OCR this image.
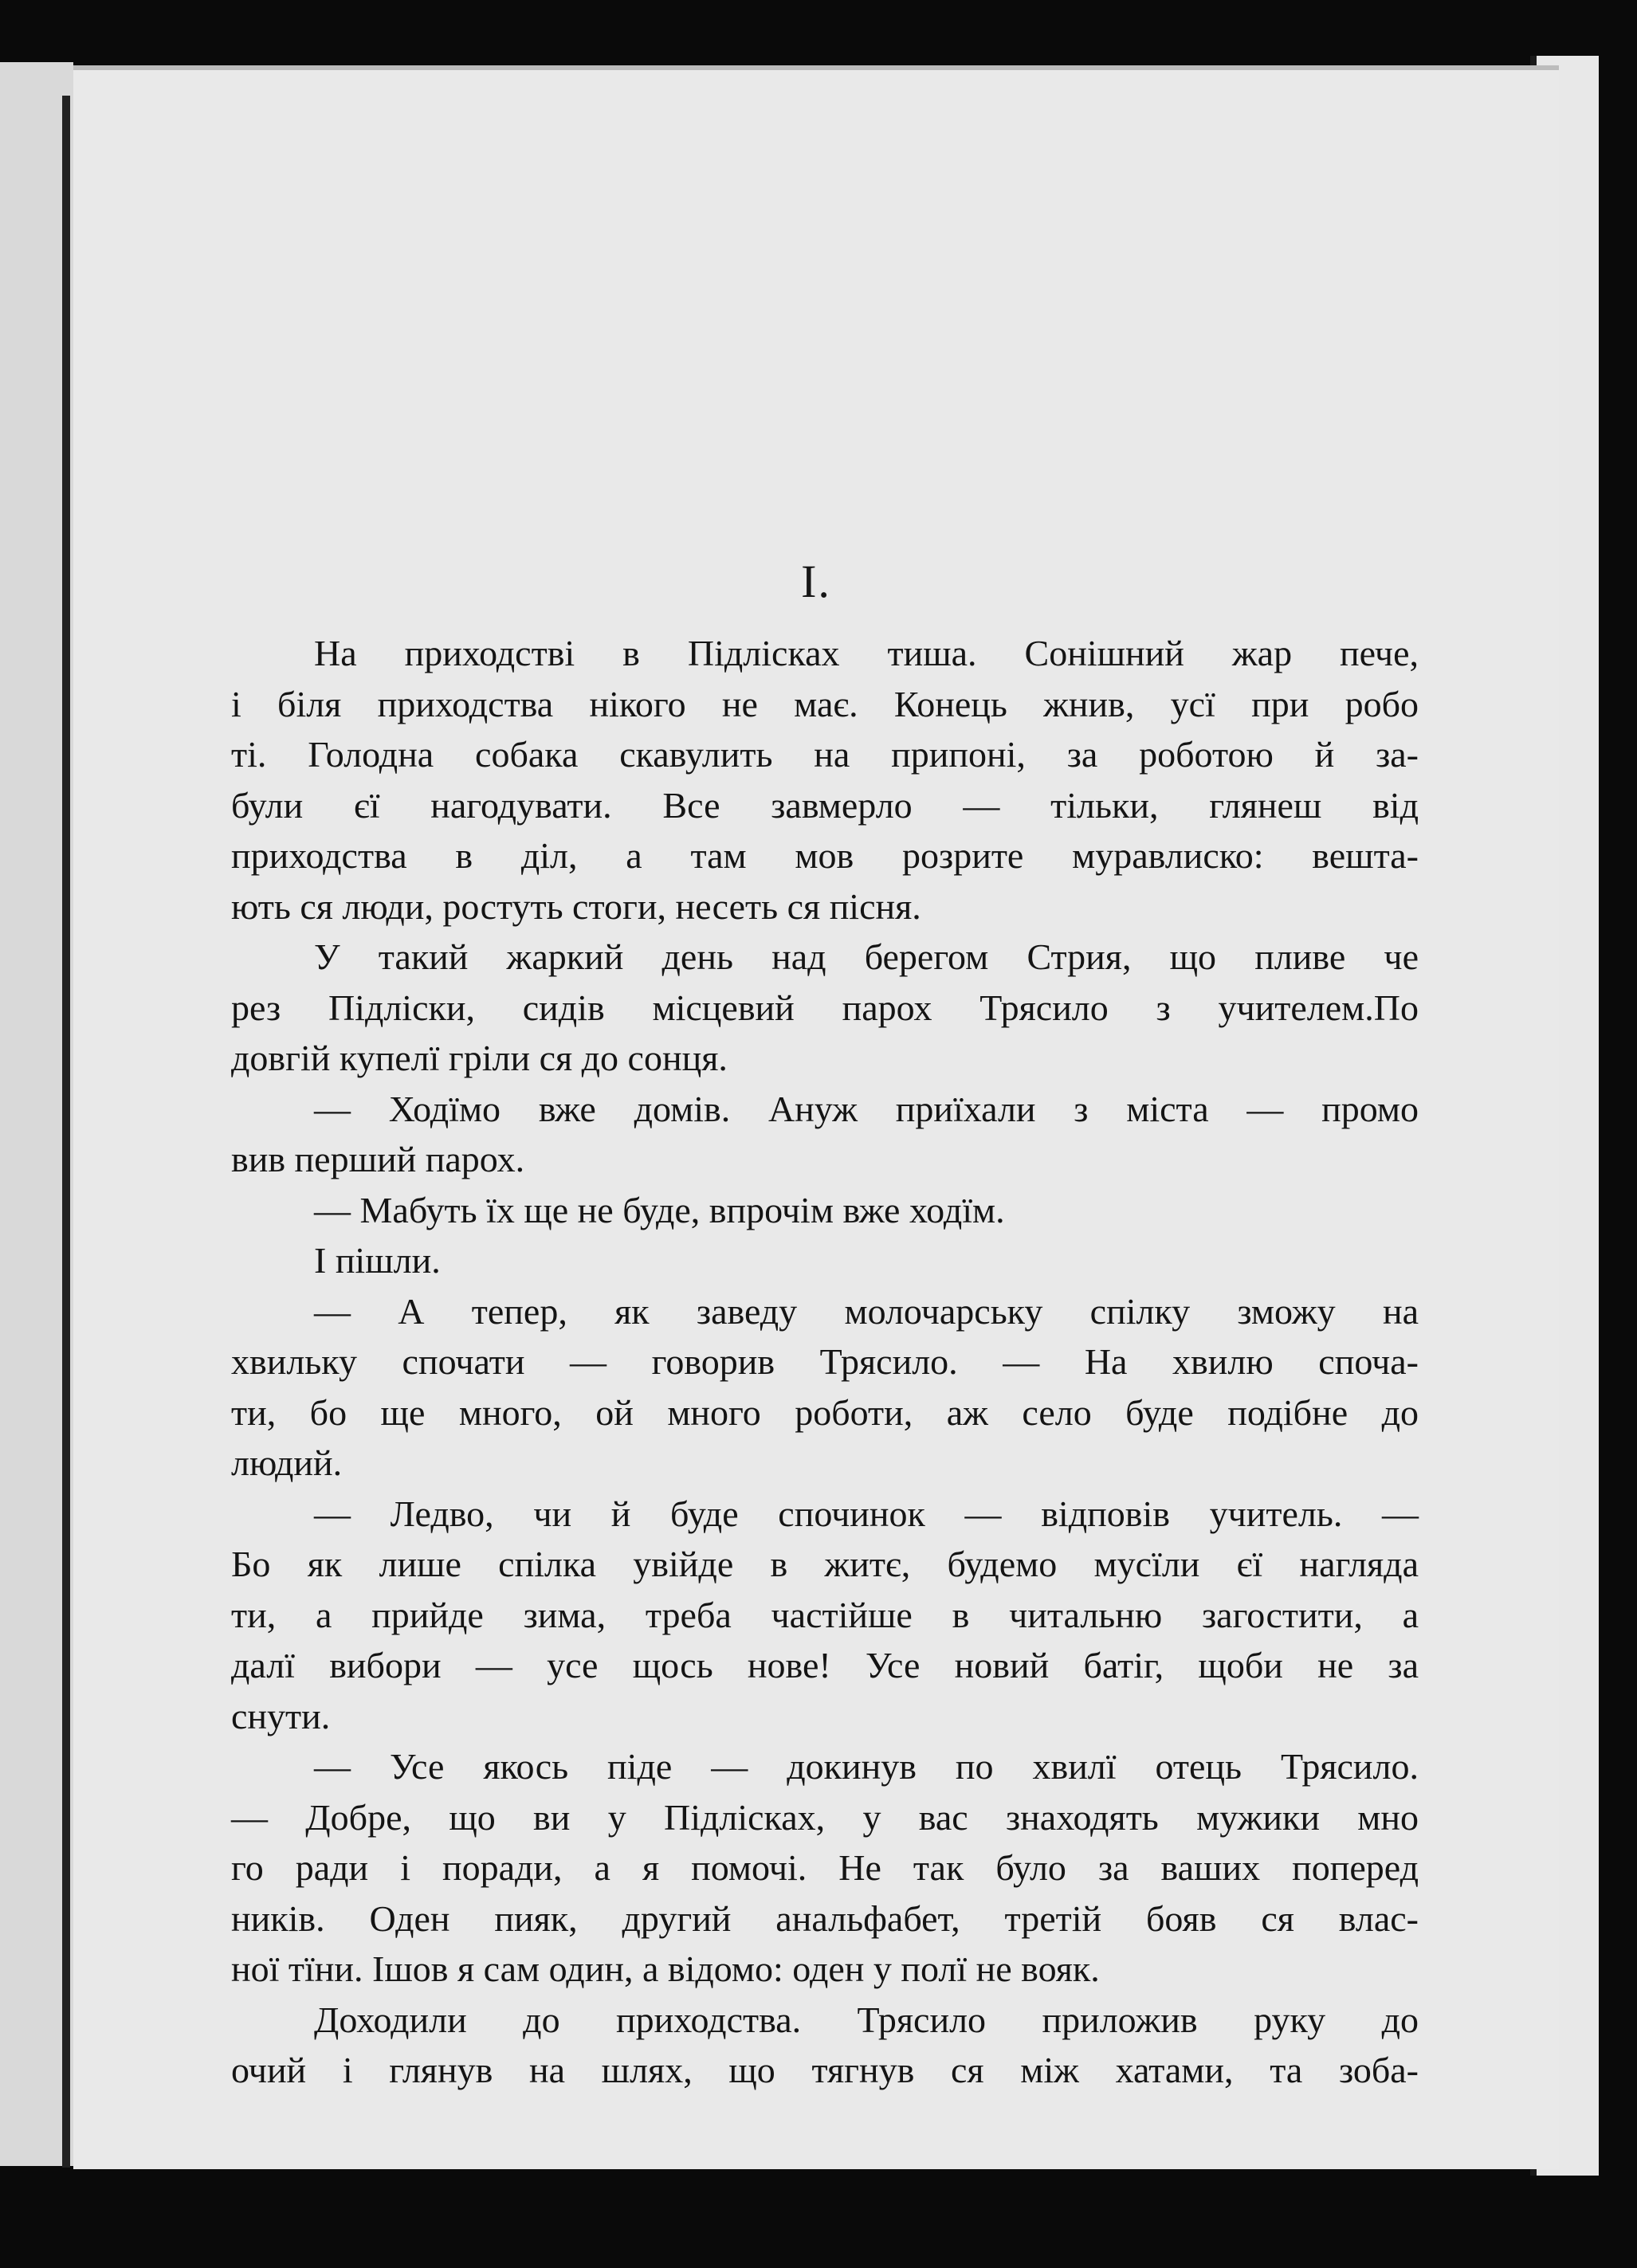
I.
На приходстві в Підлісках тиша. Сонішний жар пече,
і біля приходства нікого не має. Конець жнив, усї при робо
ті. Голодна собака скавулить на припоні, за роботою й за-
були єї нагодувати. Все завмерло — тільки, глянеш від
приходства в діл, а там мов розрите муравлиско: вешта-
ють ся люди, ростуть стоги, несеть ся пісня.
У такий жаркий день над берегом Стрия, що пливе че
рез Підліски, сидів місцевий парох Трясило з учителем.По
довгій купелї гріли ся до сонця.
— Ходїмо вже домів. Ануж приїхали з міста — промо
вив перший парох.
— Мабуть їх ще не буде, впрочім вже ходїм.
І пішли.
— А тепер, як заведу молочарську спілку зможу на
хвильку спочати — говорив Трясило. — На хвилю споча-
ти, бо ще много, ой много роботи, аж село буде подібне до
людий.
— Ледво, чи й буде спочинок — відповів учитель. —
Бо як лише спілка увійде в житє, будемо мусїли єї наглядa
ти, а прийде зима, треба частійше в читальню загостити, а
далї вибори — усе щось нове! Усе новий батіг, щоби не за
снути.
— Усе якось піде — докинув по хвилї отець Трясило.
— Добре, що ви у Підлісках, у вас знаходять мужики мно
го ради і поради, а я помочі. Не так було за ваших поперед
ників. Оден пияк, другий анальфабет, третій бояв ся влас-
ної тїни. Ішов я сам один, а відомо: оден у полї не вояк.
Доходили до приходства. Трясило приложив руку до
очий і глянув на шлях, що тягнув ся між хатами, та зоба-
